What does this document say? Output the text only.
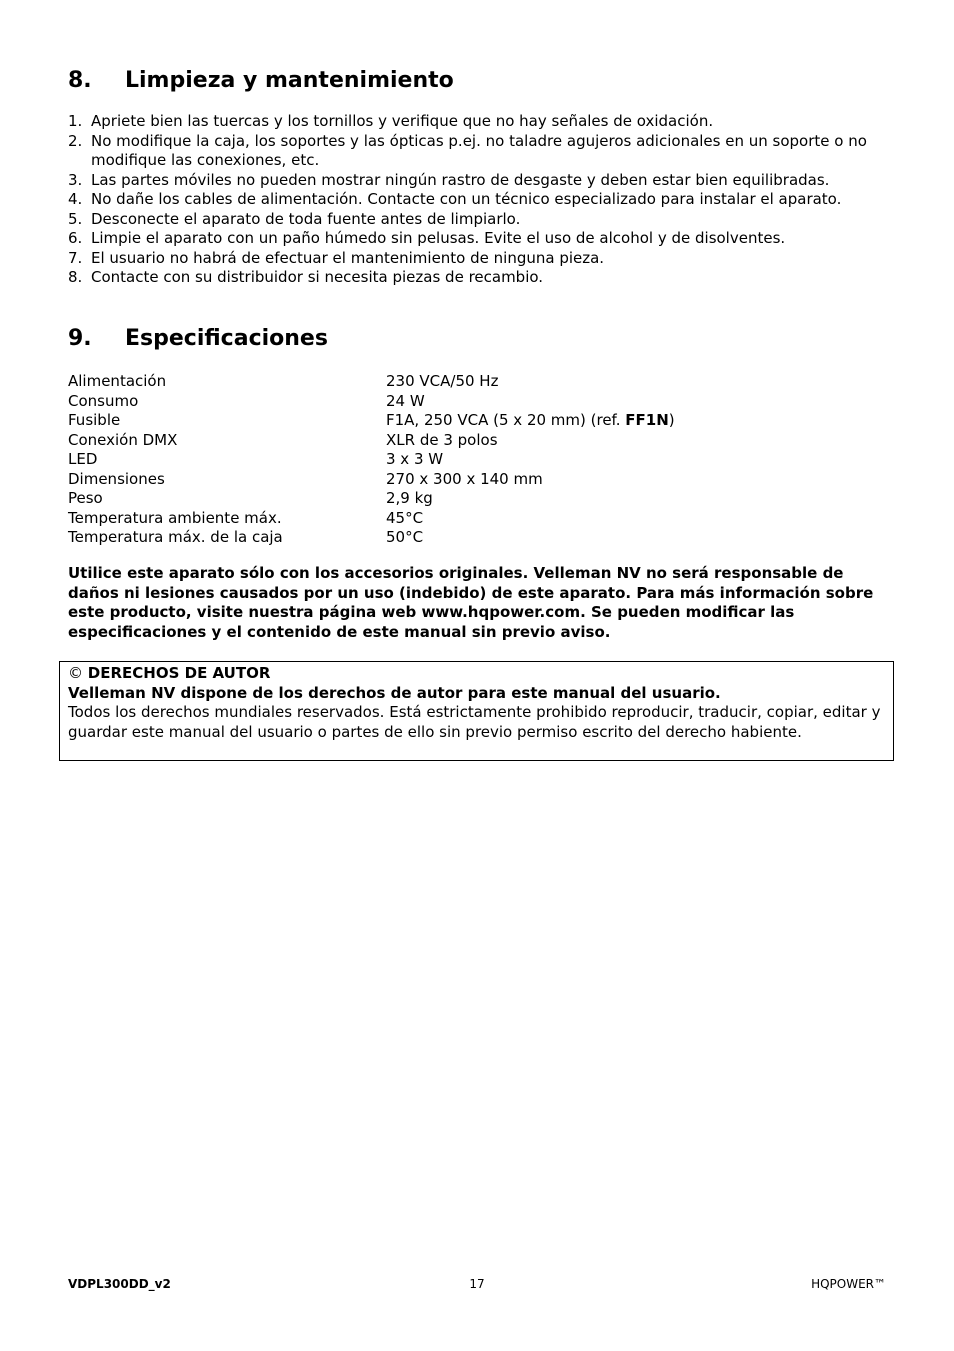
8. Limpieza y mantenimiento
1. Apriete bien las tuercas y los tornillos y verifique que no hay señales de oxidación.
2. No modifique la caja, los soportes y las ópticas p.ej. no taladre agujeros adicionales en un soporte o no modifique las conexiones, etc.
3. Las partes móviles no pueden mostrar ningún rastro de desgaste y deben estar bien equilibradas.
4. No dañe los cables de alimentación. Contacte con un técnico especializado para instalar el aparato.
5. Desconecte el aparato de toda fuente antes de limpiarlo.
6. Limpie el aparato con un paño húmedo sin pelusas. Evite el uso de alcohol y de disolventes.
7. El usuario no habrá de efectuar el mantenimiento de ninguna pieza.
8. Contacte con su distribuidor si necesita piezas de recambio.
9. Especificaciones
Alimentación	230 VCA/50 Hz
Consumo	24 W
Fusible	F1A, 250 VCA (5 x 20 mm) (ref. FF1N)
Conexión DMX	XLR de 3 polos
LED	3 x 3 W
Dimensiones	270 x 300 x 140 mm
Peso	2,9 kg
Temperatura ambiente máx.	45°C
Temperatura máx. de la caja	50°C

Utilice este aparato sólo con los accesorios originales. Velleman NV no será responsable de daños ni lesiones causados por un uso (indebido) de este aparato. Para más información sobre este producto, visite nuestra página web www.hqpower.com. Se pueden modificar las especificaciones y el contenido de este manual sin previo aviso.

© DERECHOS DE AUTOR
Velleman NV dispone de los derechos de autor para este manual del usuario.
Todos los derechos mundiales reservados. Está estrictamente prohibido reproducir, traducir, copiar, editar y guardar este manual del usuario o partes de ello sin previo permiso escrito del derecho habiente.
VDPL300DD_v2	17	HQPOWER™
